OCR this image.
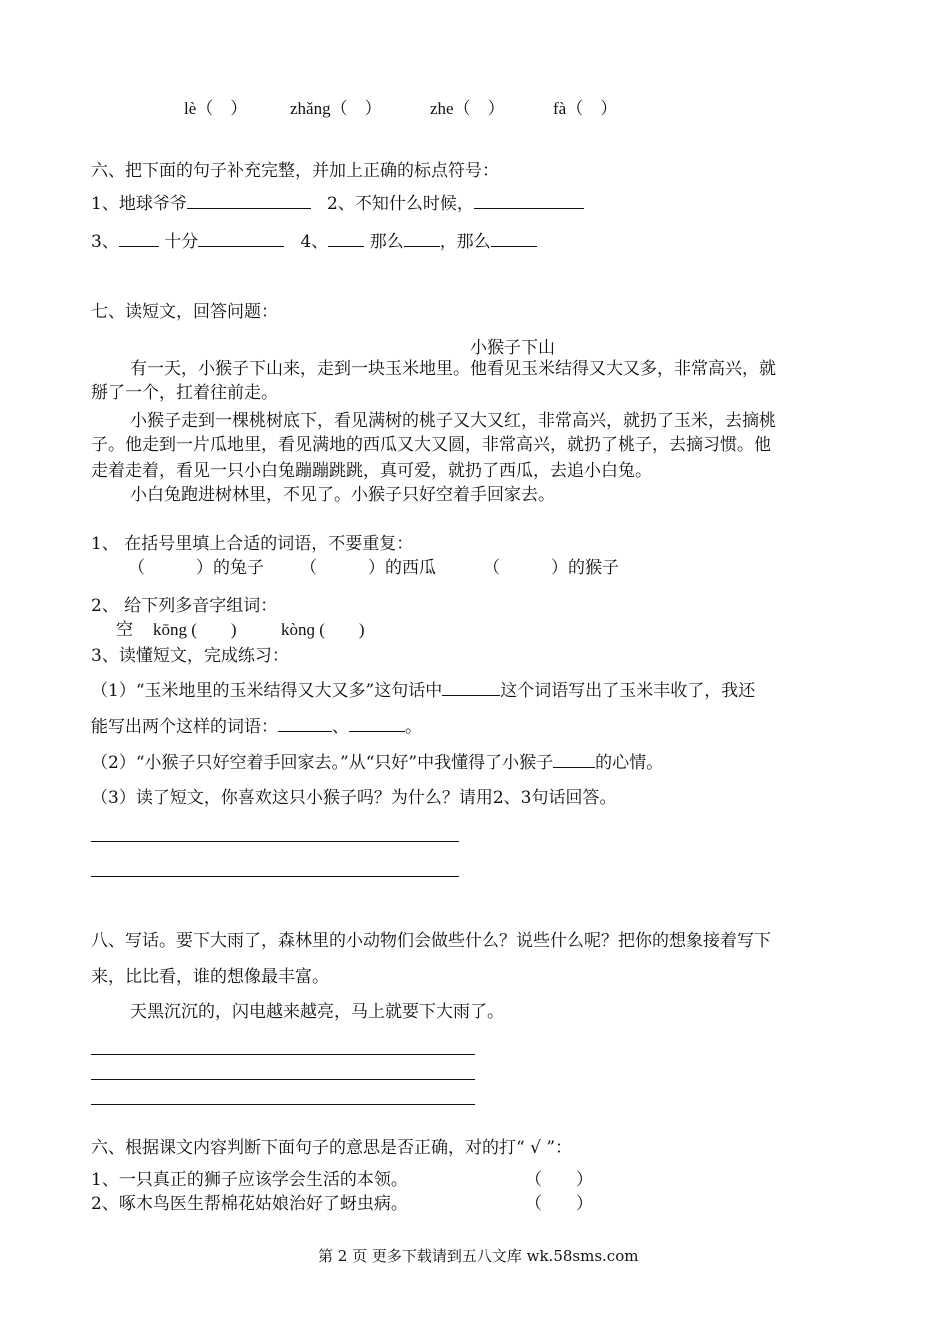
lè（　）	zhǎng（　）	zhe（　）	fà（　）
六、把下面的句子补充完整，并加上正确的标点符号：
1、地球爷爷	2、不知什么时候，
3、	十分	4、 那么 ，那么
七、读短文，回答问题：
小猴子下山
有一天，小猴子下山来，走到一块玉米地里。他看见玉米结得又大又多，非常高兴，就
掰了一个，扛着往前走。
小猴子走到一棵桃树底下，看见满树的桃子又大又红，非常高兴，就扔了玉米，去摘桃
子。他走到一片瓜地里，看见满地的西瓜又大又圆，非常高兴，就扔了桃子，去摘习惯。他
走着走着，看见一只小白兔蹦蹦跳跳，真可爱，就扔了西瓜，去追小白兔。
小白兔跑进树林里，不见了。小猴子只好空着手回家去。
1、 在括号里填上合适的词语，不要重复：
（　　　）的兔子 （　　　）的西瓜	（　　　）的猴子
2、 给下列多音字组词：
空 kōng (　　)	kònɡ (　　)
3、读懂短文，完成练习：
（1）“玉米地里的玉米结得又大又多”这句话中	这个词语写出了玉米丰收了，我还
能写出两个这样的词语：	、	。
（2）“小猴子只好空着手回家去。”从“只好”中我懂得了小猴子 的心情。
（3）读了短文，你喜欢这只小猴子吗？为什么？请用2、3句话回答。
八、写话。要下大雨了，森林里的小动物们会做些什么？说些什么呢？把你的想象接着写下
来，比比看，谁的想像最丰富。
天黑沉沉的，闪电越来越亮，马上就要下大雨了。
六、根据课文内容判断下面句子的意思是否正确，对的打“ √ ”：
1、一只真正的狮子应该学会生活的本领。	（　　）
2、啄木鸟医生帮棉花姑娘治好了蚜虫病。	（　　）
第 2 页 更多下载请到五八文库 wk.58sms.com
